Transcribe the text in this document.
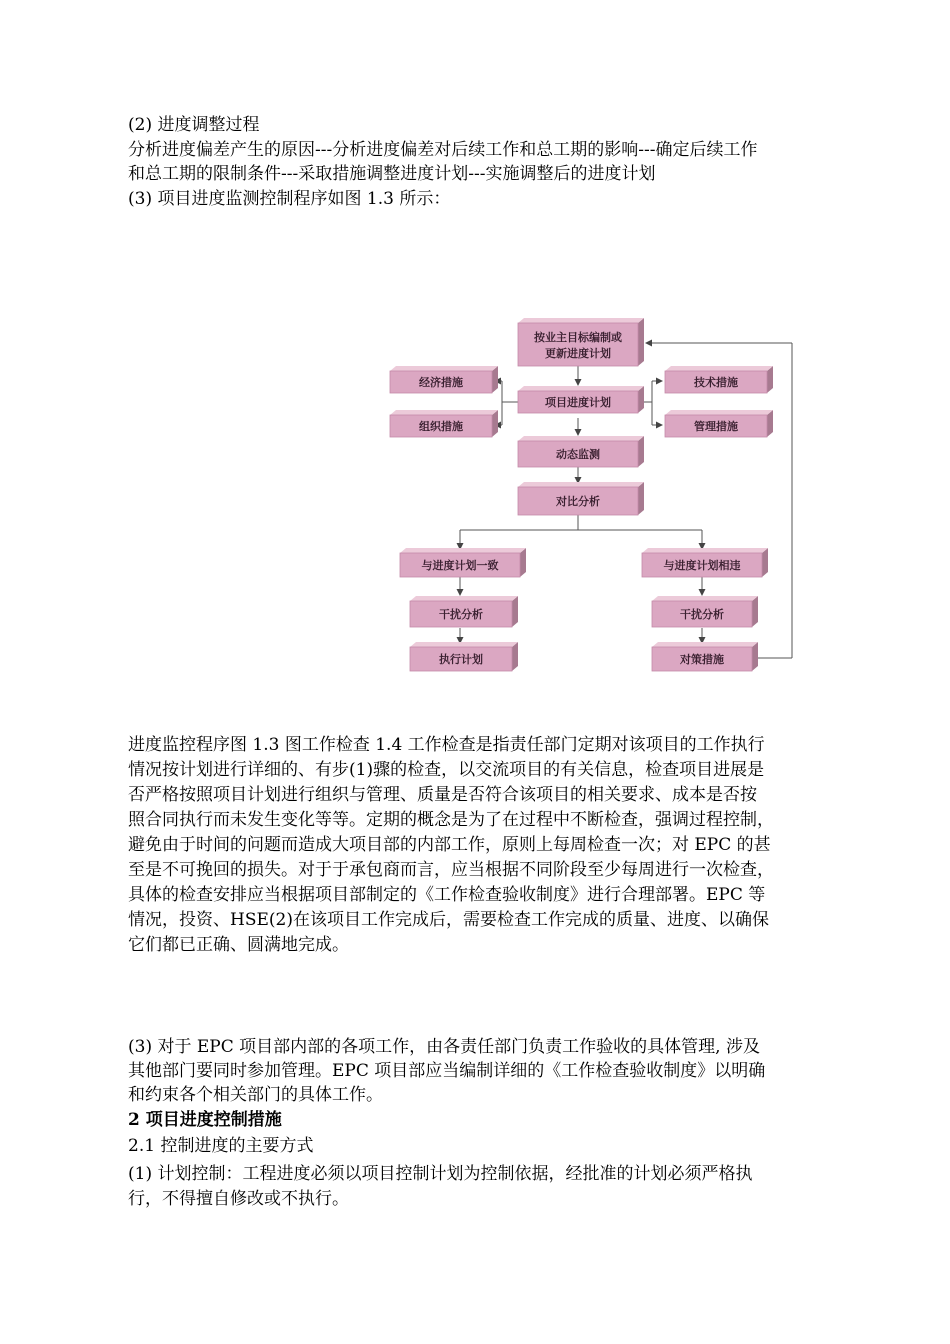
(2) 进度调整过程
分析进度偏差产生的原因---分析进度偏差对后续工作和总工期的影响---确定后续工作
和总工期的限制条件---采取措施调整进度计划---实施调整后的进度计划
(3) 项目进度监测控制程序如图 1.3 所示：
按业主目标编制或
更新进度计划
项目进度计划
经济措施
组织措施
技术措施
管理措施
动态监测
对比分析
与进度计划一致	与进度计划相违
干扰分析	干扰分析
执行计划	对策措施
进度监控程序图 1.3 图工作检查 1.4 工作检查是指责任部门定期对该项目的工作执行
情况按计划进行详细的、有步(1)骤的检查，以交流项目的有关信息，检查项目进展是
否严格按照项目计划进行组织与管理、质量是否符合该项目的相关要求、成本是否按
照合同执行而未发生变化等等。定期的概念是为了在过程中不断检查，强调过程控制，
避免由于时间的问题而造成大项目部的内部工作，原则上每周检查一次；对 EPC 的甚
至是不可挽回的损失。对于于承包商而言，应当根据不同阶段至少每周进行一次检查，
具体的检查安排应当根据项目部制定的《工作检查验收制度》进行合理部署。EPC 等
情况，投资、HSE(2)在该项目工作完成后，需要检查工作完成的质量、进度、以确保
它们都已正确、圆满地完成。
(3) 对于 EPC 项目部内部的各项工作，由各责任部门负责工作验收的具体管理, 涉及
其他部门要同时参加管理。EPC 项目部应当编制详细的《工作检查验收制度》以明确
和约束各个相关部门的具体工作。
2 项目进度控制措施
2.1 控制进度的主要方式
(1) 计划控制：工程进度必须以项目控制计划为控制依据，经批准的计划必须严格执
行，不得擅自修改或不执行。
